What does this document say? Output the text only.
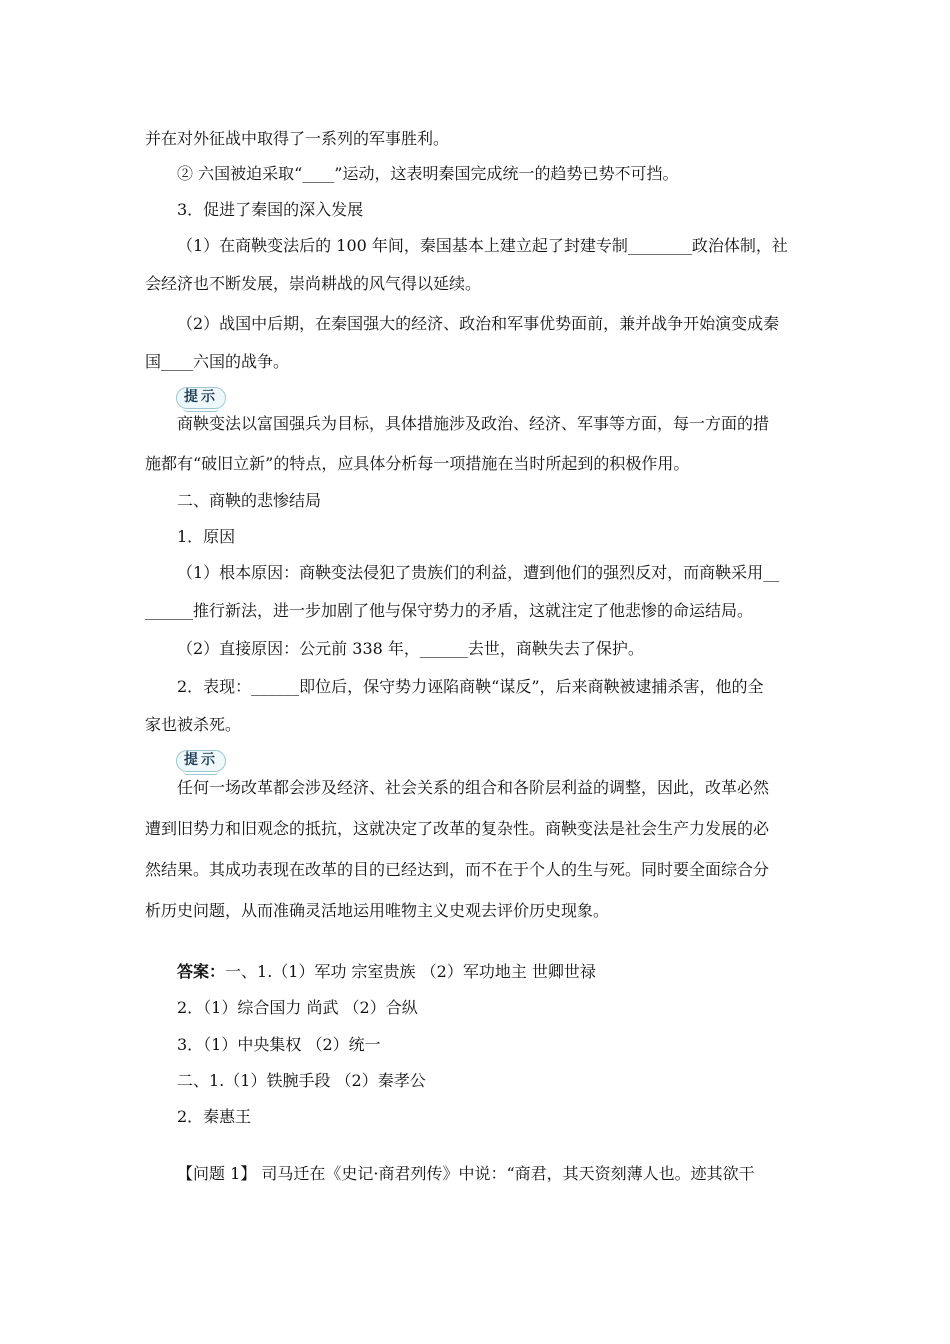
并在对外征战中取得了一系列的军事胜利。
② 六国被迫采取“____”运动，这表明秦国完成统一的趋势已势不可挡。
3．促进了秦国的深入发展
（1）在商鞅变法后的 100 年间，秦国基本上建立起了封建专制________政治体制，社
会经济也不断发展，崇尚耕战的风气得以延续。
（2）战国中后期，在秦国强大的经济、政治和军事优势面前，兼并战争开始演变成秦
国____六国的战争。
提示
商鞅变法以富国强兵为目标，具体措施涉及政治、经济、军事等方面，每一方面的措
施都有“破旧立新”的特点，应具体分析每一项措施在当时所起到的积极作用。
二、商鞅的悲惨结局
1．原因
（1）根本原因：商鞅变法侵犯了贵族们的利益，遭到他们的强烈反对，而商鞅采用__
______推行新法，进一步加剧了他与保守势力的矛盾，这就注定了他悲惨的命运结局。
（2）直接原因：公元前 338 年，______去世，商鞅失去了保护。
2．表现：______即位后，保守势力诬陷商鞅“谋反”，后来商鞅被逮捕杀害，他的全
家也被杀死。
提示
任何一场改革都会涉及经济、社会关系的组合和各阶层利益的调整，因此，改革必然
遭到旧势力和旧观念的抵抗，这就决定了改革的复杂性。商鞅变法是社会生产力发展的必
然结果。其成功表现在改革的目的已经达到，而不在于个人的生与死。同时要全面综合分
析历史问题，从而准确灵活地运用唯物主义史观去评价历史现象。
答案：一、1.（1）军功 宗室贵族 （2）军功地主 世卿世禄
2．（1）综合国力 尚武 （2）合纵
3．（1）中央集权 （2）统一
二、1.（1）铁腕手段 （2）秦孝公
2．秦惠王
【问题 1】 司马迁在《史记·商君列传》中说：“商君，其天资刻薄人也。迹其欲干
